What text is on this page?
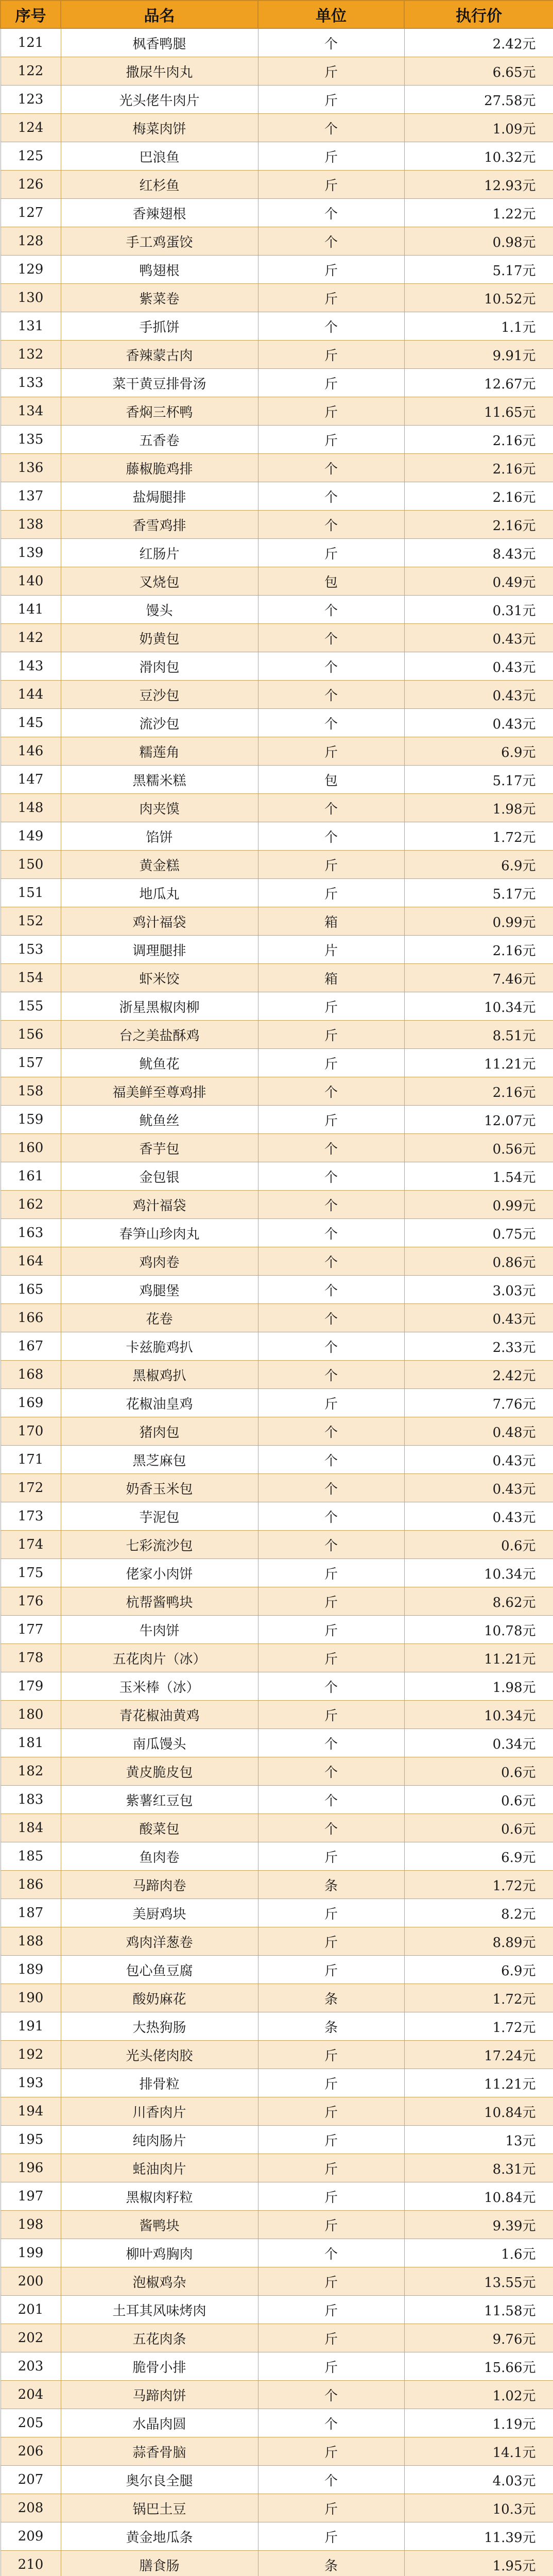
序号	品名	单位	执行价
121	枫香鸭腿	个	2.42元
122	撒尿牛肉丸	斤	6.65元
123	光头佬牛肉片	斤	27.58元
124	梅菜肉饼	个	1.09元
125	巴浪鱼	斤	10.32元
126	红杉鱼	斤	12.93元
127	香辣翅根	个	1.22元
128	手工鸡蛋饺	个	0.98元
129	鸭翅根	斤	5.17元
130	紫菜卷	斤	10.52元
131	手抓饼	个	1.1元
132	香辣蒙古肉	斤	9.91元
133	菜干黄豆排骨汤	斤	12.67元
134	香焖三杯鸭	斤	11.65元
135	五香卷	斤	2.16元
136	藤椒脆鸡排	个	2.16元
137	盐焗腿排	个	2.16元
138	香雪鸡排	个	2.16元
139	红肠片	斤	8.43元
140	叉烧包	包	0.49元
141	馒头	个	0.31元
142	奶黄包	个	0.43元
143	滑肉包	个	0.43元
144	豆沙包	个	0.43元
145	流沙包	个	0.43元
146	糯莲角	斤	6.9元
147	黑糯米糕	包	5.17元
148	肉夹馍	个	1.98元
149	馅饼	个	1.72元
150	黄金糕	斤	6.9元
151	地瓜丸	斤	5.17元
152	鸡汁福袋	箱	0.99元
153	调理腿排	片	2.16元
154	虾米饺	箱	7.46元
155	浙星黑椒肉柳	斤	10.34元
156	台之美盐酥鸡	斤	8.51元
157	鱿鱼花	斤	11.21元
158	福美鲜至尊鸡排	个	2.16元
159	鱿鱼丝	斤	12.07元
160	香芋包	个	0.56元
161	金包银	个	1.54元
162	鸡汁福袋	个	0.99元
163	春笋山珍肉丸	个	0.75元
164	鸡肉卷	个	0.86元
165	鸡腿堡	个	3.03元
166	花卷	个	0.43元
167	卡兹脆鸡扒	个	2.33元
168	黑椒鸡扒	个	2.42元
169	花椒油皇鸡	斤	7.76元
170	猪肉包	个	0.48元
171	黑芝麻包	个	0.43元
172	奶香玉米包	个	0.43元
173	芋泥包	个	0.43元
174	七彩流沙包	个	0.6元
175	佬家小肉饼	斤	10.34元
176	杭帮酱鸭块	斤	8.62元
177	牛肉饼	斤	10.78元
178	五花肉片（冰）	斤	11.21元
179	玉米棒（冰）	个	1.98元
180	青花椒油黄鸡	斤	10.34元
181	南瓜馒头	个	0.34元
182	黄皮脆皮包	个	0.6元
183	紫薯红豆包	个	0.6元
184	酸菜包	个	0.6元
185	鱼肉卷	斤	6.9元
186	马蹄肉卷	条	1.72元
187	美厨鸡块	斤	8.2元
188	鸡肉洋葱卷	斤	8.89元
189	包心鱼豆腐	斤	6.9元
190	酸奶麻花	条	1.72元
191	大热狗肠	条	1.72元
192	光头佬肉胶	斤	17.24元
193	排骨粒	斤	11.21元
194	川香肉片	斤	10.84元
195	纯肉肠片	斤	13元
196	蚝油肉片	斤	8.31元
197	黑椒肉籽粒	斤	10.84元
198	酱鸭块	斤	9.39元
199	柳叶鸡胸肉	个	1.6元
200	泡椒鸡杂	斤	13.55元
201	土耳其风味烤肉	斤	11.58元
202	五花肉条	斤	9.76元
203	脆骨小排	斤	15.66元
204	马蹄肉饼	个	1.02元
205	水晶肉圆	个	1.19元
206	蒜香骨脑	斤	14.1元
207	奥尔良全腿	个	4.03元
208	锅巴土豆	斤	10.3元
209	黄金地瓜条	斤	11.39元
210	膳食肠	条	1.95元
